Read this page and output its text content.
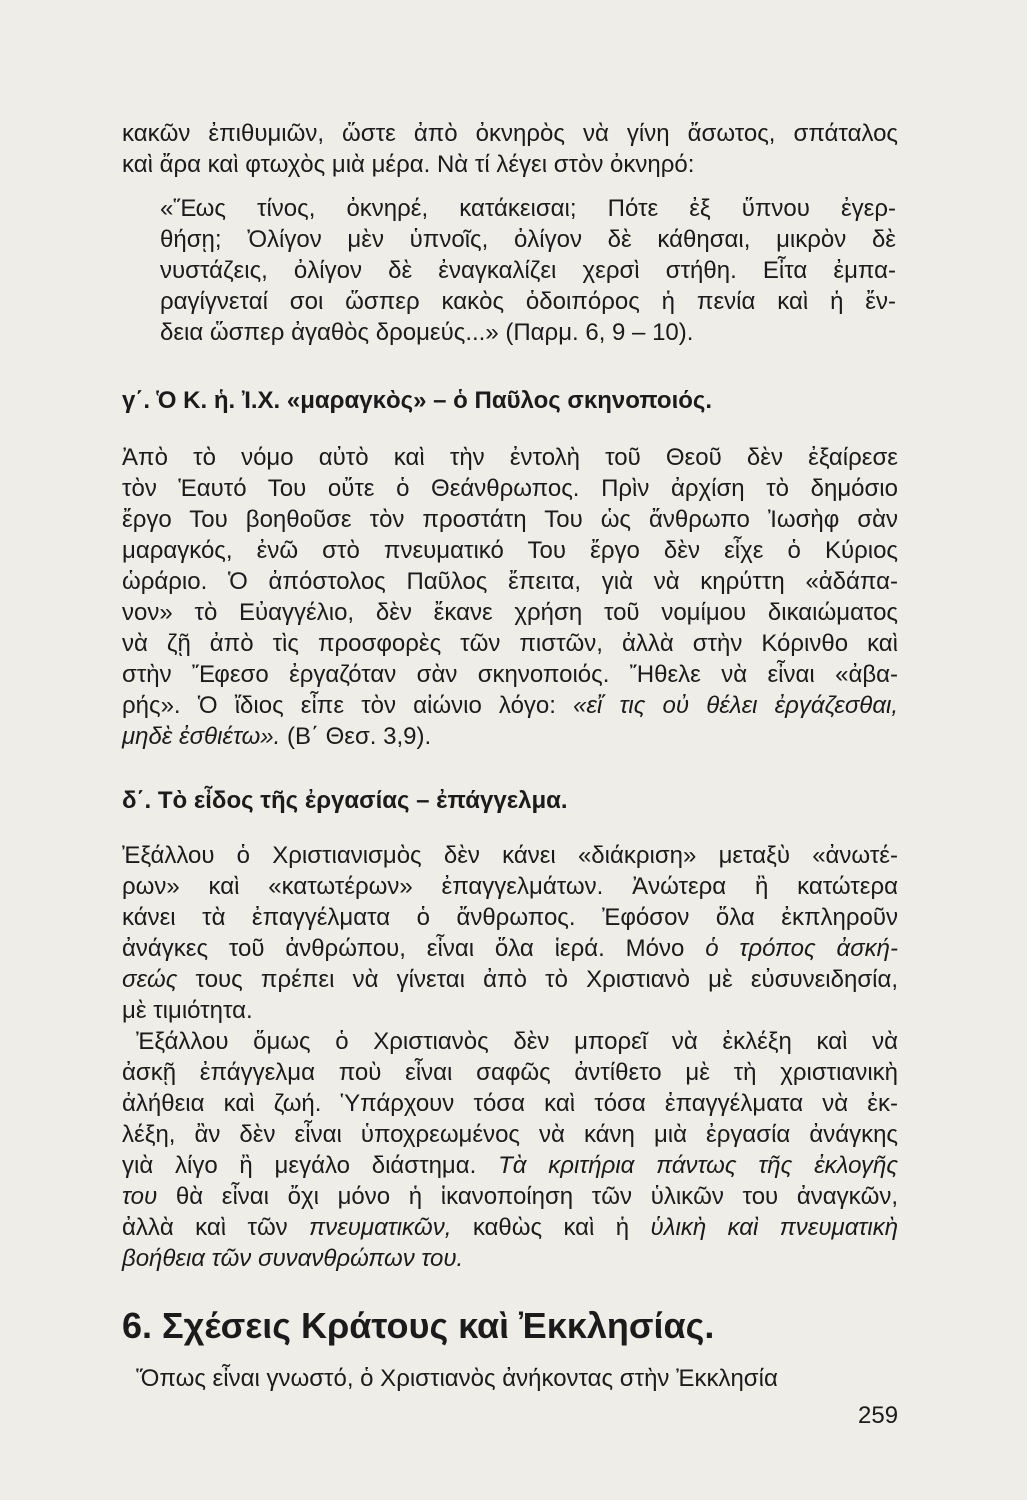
κακῶν ἐπιθυμιῶν, ὥστε ἀπὸ ὀκνηρὸς νὰ γίνη ἄσωτος, σπάταλος
καὶ ἄρα καὶ φτωχὸς μιὰ μέρα. Νὰ τί λέγει στὸν ὀκνηρό:
«Ἕως τίνος, ὀκνηρέ, κατάκεισαι; Πότε ἐξ ὕπνου ἐγερ-
θήσῃ; Ὀλίγον μὲν ὑπνοῖς, ὀλίγον δὲ κάθησαι, μικρὸν δὲ
νυστάζεις, ὀλίγον δὲ ἐναγκαλίζει χερσὶ στήθη. Εἶτα ἐμπα-
ραγίγνεταί σοι ὥσπερ κακὸς ὁδοιπόρος ἡ πενία καὶ ἡ ἔν-
δεια ὥσπερ ἀγαθὸς δρομεύς...» (Παρμ. 6, 9 – 10).
γ΄. Ὁ Κ. ἡ. Ἰ.Χ. «μαραγκὸς» – ὁ Παῦλος σκηνοποιός.
Ἀπὸ τὸ νόμο αὐτὸ καὶ τὴν ἐντολὴ τοῦ Θεοῦ δὲν ἐξαίρεσε
τὸν Ἑαυτό Του οὔτε ὁ Θεάνθρωπος. Πρὶν ἀρχίση τὸ δημόσιο
ἔργο Του βοηθοῦσε τὸν προστάτη Του ὡς ἄνθρωπο Ἰωσὴφ σὰν
μαραγκός, ἐνῶ στὸ πνευματικό Του ἔργο δὲν εἶχε ὁ Κύριος
ὡράριο. Ὁ ἀπόστολος Παῦλος ἔπειτα, γιὰ νὰ κηρύττη «ἀδάπα-
νον» τὸ Εὐαγγέλιο, δὲν ἔκανε χρήση τοῦ νομίμου δικαιώματος
νὰ ζῇ ἀπὸ τὶς προσφορὲς τῶν πιστῶν, ἀλλὰ στὴν Κόρινθο καὶ
στὴν Ἔφεσο ἐργαζόταν σὰν σκηνοποιός. Ἤθελε νὰ εἶναι «ἀβα-
ρής». Ὁ ἴδιος εἶπε τὸν αἰώνιο λόγο: «εἴ τις οὐ θέλει ἐργάζεσθαι,
μηδὲ ἐσθιέτω». (Β΄ Θεσ. 3,9).
δ΄. Τὸ εἶδος τῆς ἐργασίας – ἐπάγγελμα.
Ἐξάλλου ὁ Χριστιανισμὸς δὲν κάνει «διάκριση» μεταξὺ «ἀνωτέ-
ρων» καὶ «κατωτέρων» ἐπαγγελμάτων. Ἀνώτερα ἢ κατώτερα
κάνει τὰ ἐπαγγέλματα ὁ ἄνθρωπος. Ἐφόσον ὅλα ἐκπληροῦν
ἀνάγκες τοῦ ἀνθρώπου, εἶναι ὅλα ἱερά. Μόνο ὁ τρόπος ἀσκή-
σεώς τους πρέπει νὰ γίνεται ἀπὸ τὸ Χριστιανὸ μὲ εὐσυνειδησία,
μὲ τιμιότητα.
Ἐξάλλου ὅμως ὁ Χριστιανὸς δὲν μπορεῖ νὰ ἐκλέξη καὶ νὰ
ἀσκῇ ἐπάγγελμα ποὺ εἶναι σαφῶς ἀντίθετο μὲ τὴ χριστιανικὴ
ἀλήθεια καὶ ζωή. Ὑπάρχουν τόσα καὶ τόσα ἐπαγγέλματα νὰ ἐκ-
λέξη, ἂν δὲν εἶναι ὑποχρεωμένος νὰ κάνη μιὰ ἐργασία ἀνάγκης
γιὰ λίγο ἢ μεγάλο διάστημα. Τὰ κριτήρια πάντως τῆς ἐκλογῆς
του θὰ εἶναι ὄχι μόνο ἡ ἱκανοποίηση τῶν ὑλικῶν του ἀναγκῶν,
ἀλλὰ καὶ τῶν πνευματικῶν, καθὼς καὶ ἡ ὑλικὴ καὶ πνευματικὴ
βοήθεια τῶν συνανθρώπων του.
6. Σχέσεις Κράτους καὶ Ἐκκλησίας.
Ὅπως εἶναι γνωστό, ὁ Χριστιανὸς ἀνήκοντας στὴν Ἐκκλησία
259
